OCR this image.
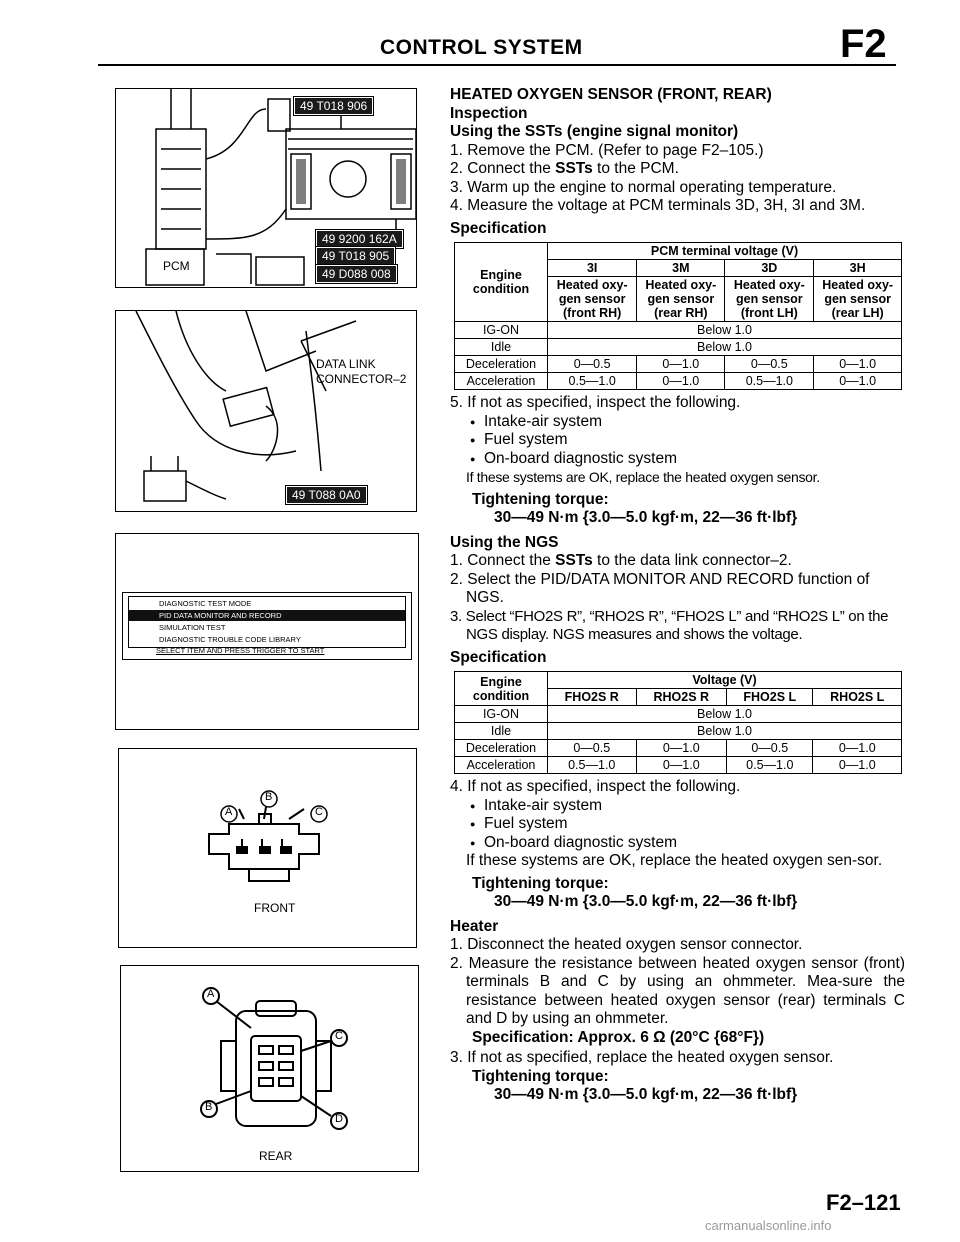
CONTROL SYSTEM	F2
49 T018 906
49 9200 162A
49 T018 905
49 D088 008
PCM
DATA LINK
CONNECTOR–2
49 T088 0A0
DIAGNOSTIC TEST MODE
PID DATA MONITOR AND RECORD
SIMULATION TEST
DIAGNOSTIC TROUBLE CODE LIBRARY
SELECT ITEM AND PRESS TRIGGER TO START
A
B
C
FRONT
A
C
B
D
REAR
HEATED OXYGEN SENSOR (FRONT, REAR)
Inspection
Using the SSTs (engine signal monitor)
1. Remove the PCM. (Refer to page F2–105.)
2. Connect the SSTs to the PCM.
3. Warm up the engine to normal operating temperature.
4. Measure the voltage at PCM terminals 3D, 3H, 3I and 3M.
Specification
Engine condition	PCM terminal voltage (V)			
	3I	3M	3D	3H
	Heated oxy-gen sensor (front RH)	Heated oxy-gen sensor (rear RH)	Heated oxy-gen sensor (front LH)	Heated oxy-gen sensor (rear LH)
IG-ON	Below 1.0			
Idle	Below 1.0			
Deceleration	0—0.5	0—1.0	0—0.5	0—1.0
Acceleration	0.5—1.0	0—1.0	0.5—1.0	0—1.0
5. If not as specified, inspect the following.
● Intake-air system
● Fuel system
● On-board diagnostic system
If these systems are OK, replace the heated oxygen sensor.
Tightening torque:
30—49 N·m {3.0—5.0 kgf·m, 22—36 ft·lbf}
Using the NGS
1. Connect the SSTs to the data link connector–2.
2. Select the PID/DATA MONITOR AND RECORD function of NGS.
3. Select “FHO2S R”, “RHO2S R”, “FHO2S L” and “RHO2S L” on the NGS display. NGS measures and shows the voltage.
Specification
Engine condition	Voltage (V)			
	FHO2S R	RHO2S R	FHO2S L	RHO2S L
IG-ON	Below 1.0			
Idle	Below 1.0			
Deceleration	0—0.5	0—1.0	0—0.5	0—1.0
Acceleration	0.5—1.0	0—1.0	0.5—1.0	0—1.0
4. If not as specified, inspect the following.
● Intake-air system
● Fuel system
● On-board diagnostic system
If these systems are OK, replace the heated oxygen sen-sor.
Tightening torque:
30—49 N·m {3.0—5.0 kgf·m, 22—36 ft·lbf}
Heater
1. Disconnect the heated oxygen sensor connector.
2. Measure the resistance between heated oxygen sensor (front) terminals B and C by using an ohmmeter. Mea-sure the resistance between heated oxygen sensor (rear) terminals C and D by using an ohmmeter.
Specification: Approx. 6 Ω (20°C {68°F})
3. If not as specified, replace the heated oxygen sensor.
Tightening torque:
30—49 N·m {3.0—5.0 kgf·m, 22—36 ft·lbf}
F2–121
carmanualsonline.info
